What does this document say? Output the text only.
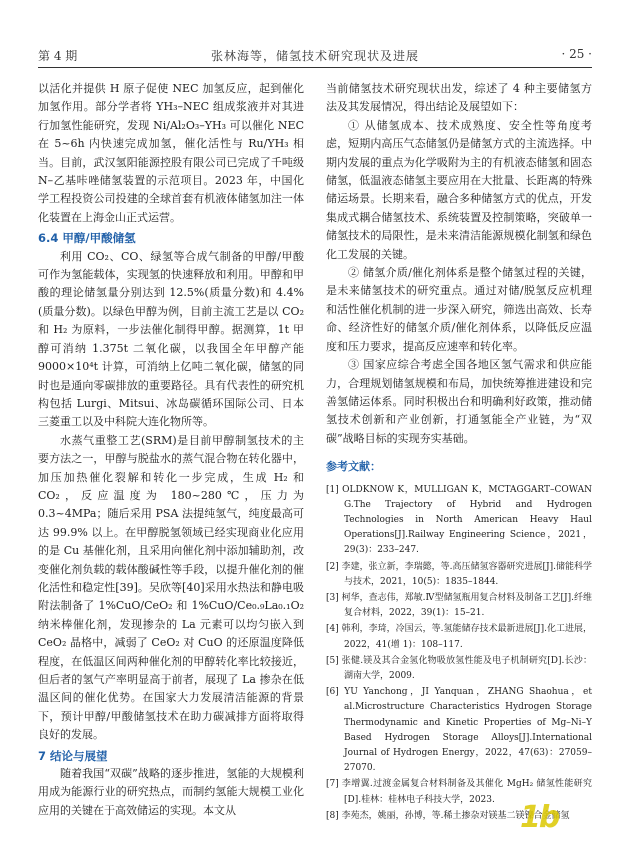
第 4 期	张林海等，储氢技术研究现状及进展	· 25 ·

以活化并提供 H 原子促使 NEC 加氢反应，起到催化加氢作用。部分学者将 YH₃–NEC 组成浆液并对其进行加氢性能研究，发现 Ni/Al₂O₃–YH₃ 可以催化 NEC 在 5~6h 内快速完成加氢，催化活性与 Ru/YH₃ 相当。目前，武汉氢阳能源控股有限公司已完成了千吨级 N–乙基咔唑储氢装置的示范项目。2023 年，中国化学工程投资公司投建的全球首套有机液体储氢加注一体化装置在上海金山正式运营。

6.4 甲醇/甲酸储氢

利用 CO₂、CO、绿氢等合成气制备的甲醇/甲酸可作为氢能载体，实现氢的快速释放和利用。甲醇和甲酸的理论储氢量分别达到 12.5%(质量分数)和 4.4%(质量分数)。以绿色甲醇为例，目前主流工艺是以 CO₂ 和 H₂ 为原料，一步法催化制得甲醇。据测算，1t 甲醇可消纳 1.375t 二氧化碳，以我国全年甲醇产能 9000×10⁴t 计算，可消纳上亿吨二氧化碳，储氢的同时也是通向零碳排放的重要路径。具有代表性的研究机构包括 Lurgi、Mitsui、冰岛碳循环国际公司、日本三菱重工以及中科院大连化物所等。

水蒸气重整工艺(SRM)是目前甲醇制氢技术的主要方法之一，甲醇与脱盐水的蒸气混合物在转化器中，加压加热催化裂解和转化一步完成，生成 H₂ 和 CO₂，反应温度为 180~280℃，压力为 0.3~4MPa；随后采用 PSA 法提纯氢气，纯度最高可达 99.9% 以上。在甲醇脱氢领域已经实现商业化应用的是 Cu 基催化剂，且采用向催化剂中添加辅助剂，改变催化剂负载的载体酸碱性等手段，以提升催化剂的催化活性和稳定性[39]。吴欣等[40]采用水热法和静电吸附法制备了 1%CuO/CeO₂ 和 1%CuO/Ce₀.₉La₀.₁O₂ 纳米棒催化剂，发现掺杂的 La 元素可以均匀嵌入到 CeO₂ 晶格中，减弱了 CeO₂ 对 CuO 的还原温度降低程度，在低温区间两种催化剂的甲醇转化率比较接近，但后者的氢气产率明显高于前者，展现了 La 掺杂在低温区间的催化优势。在国家大力发展清洁能源的背景下，预计甲醇/甲酸储氢技术在助力碳减排方面将取得良好的发展。

7 结论与展望

随着我国“双碳”战略的逐步推进，氢能的大规模利用成为能源行业的研究热点，而制约氢能大规模工业化应用的关键在于高效储运的实现。本文从

当前储氢技术研究现状出发，综述了 4 种主要储氢方法及其发展情况，得出结论及展望如下：

① 从储氢成本、技术成熟度、安全性等角度考虑，短期内高压气态储氢仍是储氢方式的主流选择。中期内发展的重点为化学吸附为主的有机液态储氢和固态储氢，低温液态储氢主要应用在大批量、长距离的特殊储运场景。长期来看，融合多种储氢方式的优点，开发集成式耦合储氢技术、系统装置及控制策略，突破单一储氢技术的局限性，是未来清洁能源规模化制氢和绿色化工发展的关键。

② 储氢介质/催化剂体系是整个储氢过程的关键，是未来储氢技术的研究重点。通过对储/脱氢反应机理和活性催化机制的进一步深入研究，筛选出高效、长寿命、经济性好的储氢介质/催化剂体系，以降低反应温度和压力要求，提高反应速率和转化率。

③ 国家应综合考虑全国各地区氢气需求和供应能力，合理规划储氢规模和布局，加快统筹推进建设和完善氢储运体系。同时积极出台和明确利好政策，推动储氢技术创新和产业创新，打通氢能全产业链，为“双碳”战略目标的实现夯实基础。

参考文献：

[1] OLDKNOW K，MULLIGAN K，MCTAGGART–COWAN G.The Trajectory of Hybrid and Hydrogen Technologies in North American Heavy Haul Operations[J].Railway Engineering Science，2021，29(3)：233–247.

[2] 李建，张立新，李瑞懿，等.高压储氢容器研究进展[J].储能科学与技术，2021，10(5)：1835–1844.

[3] 柯华，查志伟，郑敏.Ⅳ型储氢瓶用复合材料及制备工艺[J].纤维复合材料，2022，39(1)：15–21.

[4] 韩利，李琦，冷国云，等.氢能储存技术最新进展[J].化工进展，2022，41(增 1)：108–117.

[5] 张健.镁及其合金氢化物吸放氢性能及电子机制研究[D].长沙：湖南大学，2009.

[6] YU Yanchong，JI Yanquan，ZHANG Shaohua，et al.Microstructure Characteristics Hydrogen Storage Thermodynamic and Kinetic Properties of Mg–Ni–Y Based Hydrogen Storage Alloys[J].International Journal of Hydrogen Energy，2022，47(63)：27059–27070.

[7] 李增翼.过渡金属复合材料制备及其催化 MgH₂ 储氢性能研究[D].桂林：桂林电子科技大学，2023.

[8] 李苑杰，姚丽，孙博，等.稀土掺杂对镁基二镁镍合金储氢

1b
